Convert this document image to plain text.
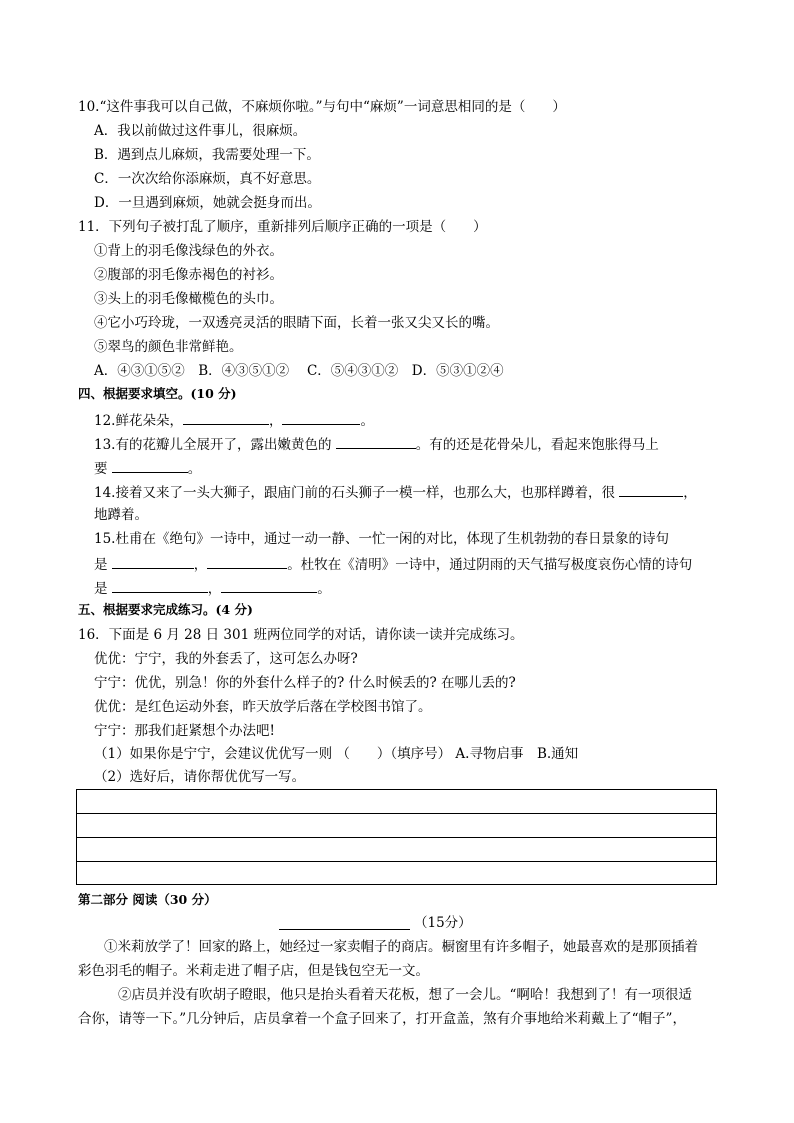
10.“这件事我可以自己做，不麻烦你啦。”与句中“麻烦”一词意思相同的是（　　）
A．我以前做过这件事儿，很麻烦。
B．遇到点儿麻烦，我需要处理一下。
C．一次次给你添麻烦，真不好意思。
D．一旦遇到麻烦，她就会挺身而出。
11．下列句子被打乱了顺序，重新排列后顺序正确的一项是（　　）
①背上的羽毛像浅绿色的外衣。
②腹部的羽毛像赤褐色的衬衫。
③头上的羽毛像橄榄色的头巾。
④它小巧玲珑，一双透亮灵活的眼睛下面，长着一张又尖又长的嘴。
⑤翠鸟的颜色非常鲜艳。
A．④③①⑤②　B．④③⑤①②　 C．⑤④③①②　D．⑤③①②④
四、根据要求填空。(10 分)
12.鲜花朵朵，	，	。
13.有的花瓣儿全展开了，露出嫩黄色的	。有的还是花骨朵儿，看起来饱胀得马上
要	。
14.接着又来了一头大狮子，跟庙门前的石头狮子一模一样，也那么大，也那样蹲着，很	，
地蹲着。
15.杜甫在《绝句》一诗中，通过一动一静、一忙一闲的对比，体现了生机勃勃的春日景象的诗句
是	，	。杜牧在《清明》一诗中，通过阴雨的天气描写极度哀伤心情的诗句
是	，	。
五、根据要求完成练习。(4 分)
16．下面是 6 月 28 日 301 班两位同学的对话，请你读一读并完成练习。
优优：宁宁，我的外套丢了，这可怎么办呀?
宁宁：优优，别急！你的外套什么样子的? 什么时候丢的? 在哪儿丢的?
优优：是红色运动外套，昨天放学后落在学校图书馆了。
宁宁：那我们赶紧想个办法吧!
（1）如果你是宁宁，会建议优优写一则 （　　）（填序号） A.寻物启事　B.通知
（2）选好后，请你帮优优写一写。
第二部分 阅读（30 分）
（15分）
①米莉放学了！回家的路上，她经过一家卖帽子的商店。橱窗里有许多帽子，她最喜欢的是那顶插着
彩色羽毛的帽子。米莉走进了帽子店，但是钱包空无一文。
②店员并没有吹胡子瞪眼，他只是抬头看着天花板，想了一会儿。“啊哈！我想到了！有一项很适
合你，请等一下。”几分钟后，店员拿着一个盒子回来了，打开盒盖，煞有介事地给米莉戴上了“帽子”，
